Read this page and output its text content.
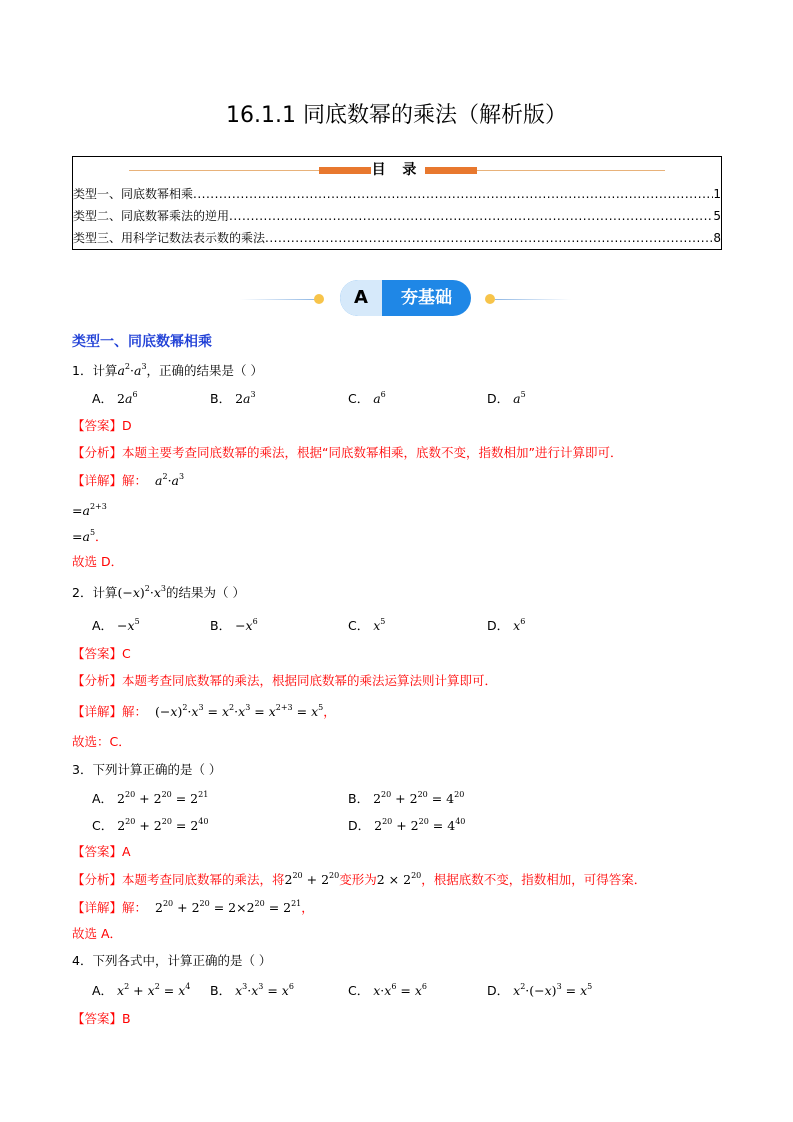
16.1.1 同底数幂的乘法（解析版）
目 录
类型一、同底数幂相乘 .....	1
类型二、同底数幂乘法的逆用 .....	5
类型三、用科学记数法表示数的乘法 .....	8
A	夯基础
类型一、同底数幂相乘
1．计算$a^2\cdot a^3$，正确的结果是（ ）
A． $2a^6$	B． $2a^3$	C． $a^6$	D． $a^5$
【答案】D
【分析】本题主要考查同底数幂的乘法，根据“同底数幂相乘，底数不变，指数相加”进行计算即可．
【详解】解： $a^2\cdot a^3$
$=a^{2+3}$
$=a^5$．
故选 D．
2．计算$(-x)^2\cdot x^3$的结果为（ ）
A． $-x^5$	B． $-x^6$	C． $x^5$	D． $x^6$
【答案】C
【分析】本题考查同底数幂的乘法，根据同底数幂的乘法运算法则计算即可．
【详解】解： $(-x)^2\cdot x^3 = x^2\cdot x^3 = x^{2+3} = x^5$，
故选：C．
3．下列计算正确的是（ ）
A． $2^{20} + 2^{20} = 2^{21}$	B． $2^{20} + 2^{20} = 4^{20}$
C． $2^{20} + 2^{20} = 2^{40}$	D． $2^{20} + 2^{20} = 4^{40}$
【答案】A
【分析】本题考查同底数幂的乘法，将$2^{20} + 2^{20}$变形为$2 \times 2^{20}$，根据底数不变，指数相加，可得答案．
【详解】解： $2^{20} + 2^{20} = 2\times 2^{20} = 2^{21}$，
故选 A．
4．下列各式中，计算正确的是（ ）
A． $x^2 + x^2 = x^4$ B． $x^3\cdot x^3 = x^6$	C． $x\cdot x^6 = x^6$	D． $x^2\cdot(-x)^3 = x^5$
【答案】B
